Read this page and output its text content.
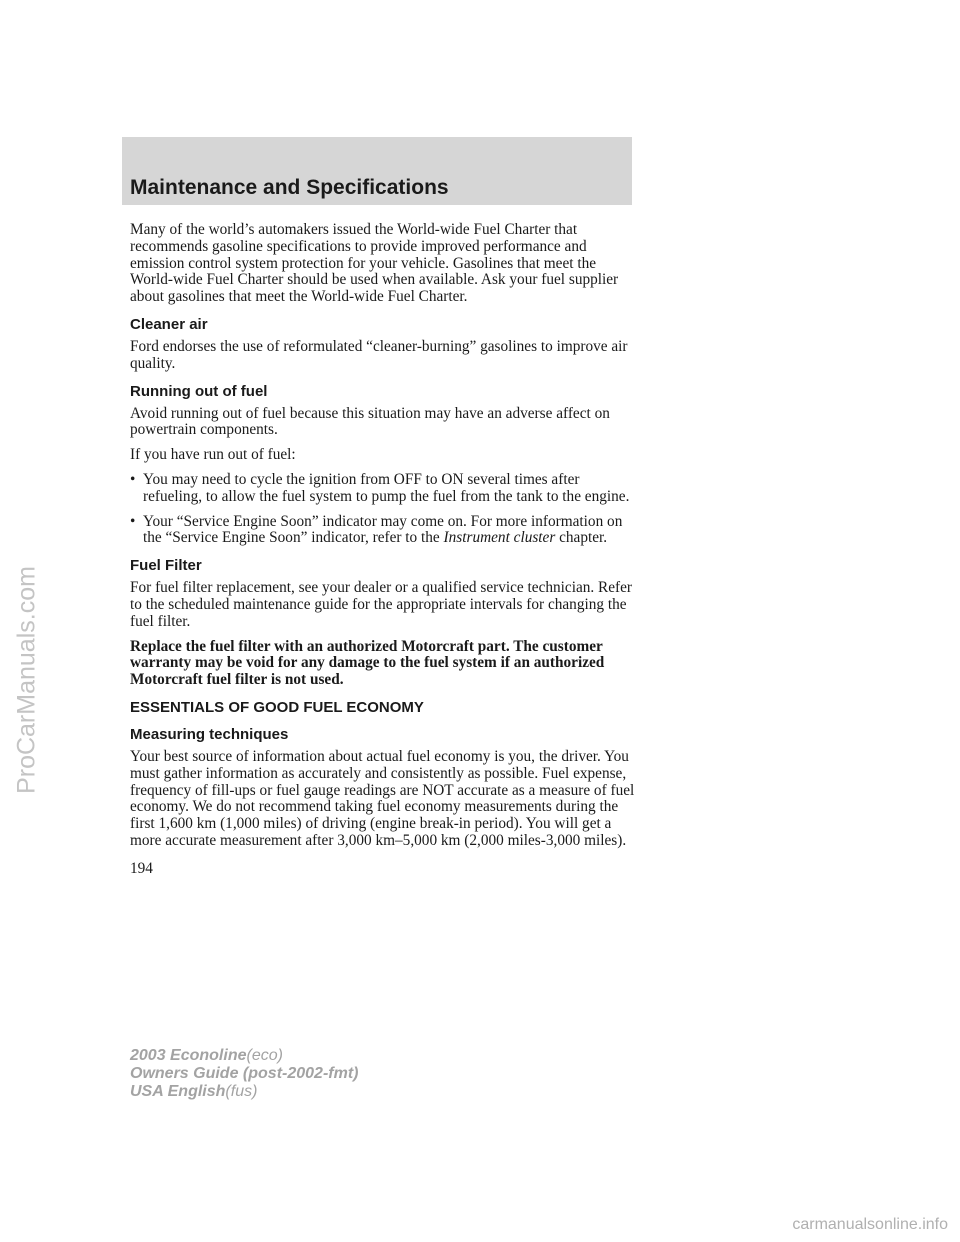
ProCarManuals.com
Maintenance and Specifications

Many of the world’s automakers issued the World-wide Fuel Charter that recommends gasoline specifications to provide improved performance and emission control system protection for your vehicle. Gasolines that meet the World-wide Fuel Charter should be used when available. Ask your fuel supplier about gasolines that meet the World-wide Fuel Charter.

Cleaner air

Ford endorses the use of reformulated “cleaner-burning” gasolines to improve air quality.

Running out of fuel

Avoid running out of fuel because this situation may have an adverse affect on powertrain components.

If you have run out of fuel:

• You may need to cycle the ignition from OFF to ON several times after refueling, to allow the fuel system to pump the fuel from the tank to the engine.
• Your “Service Engine Soon” indicator may come on. For more information on the “Service Engine Soon” indicator, refer to the Instrument cluster chapter.
Fuel Filter

For fuel filter replacement, see your dealer or a qualified service technician. Refer to the scheduled maintenance guide for the appropriate intervals for changing the fuel filter.

Replace the fuel filter with an authorized Motorcraft part. The customer warranty may be void for any damage to the fuel system if an authorized Motorcraft fuel filter is not used.

ESSENTIALS OF GOOD FUEL ECONOMY
Measuring techniques

Your best source of information about actual fuel economy is you, the driver. You must gather information as accurately and consistently as possible. Fuel expense, frequency of fill-ups or fuel gauge readings are NOT accurate as a measure of fuel economy. We do not recommend taking fuel economy measurements during the first 1,600 km (1,000 miles) of driving (engine break-in period). You will get a more accurate measurement after 3,000 km–5,000 km (2,000 miles-3,000 miles).

194
2003 Econoline(eco)
Owners Guide (post-2002-fmt)
USA English(fus)
carmanualsonline.info
